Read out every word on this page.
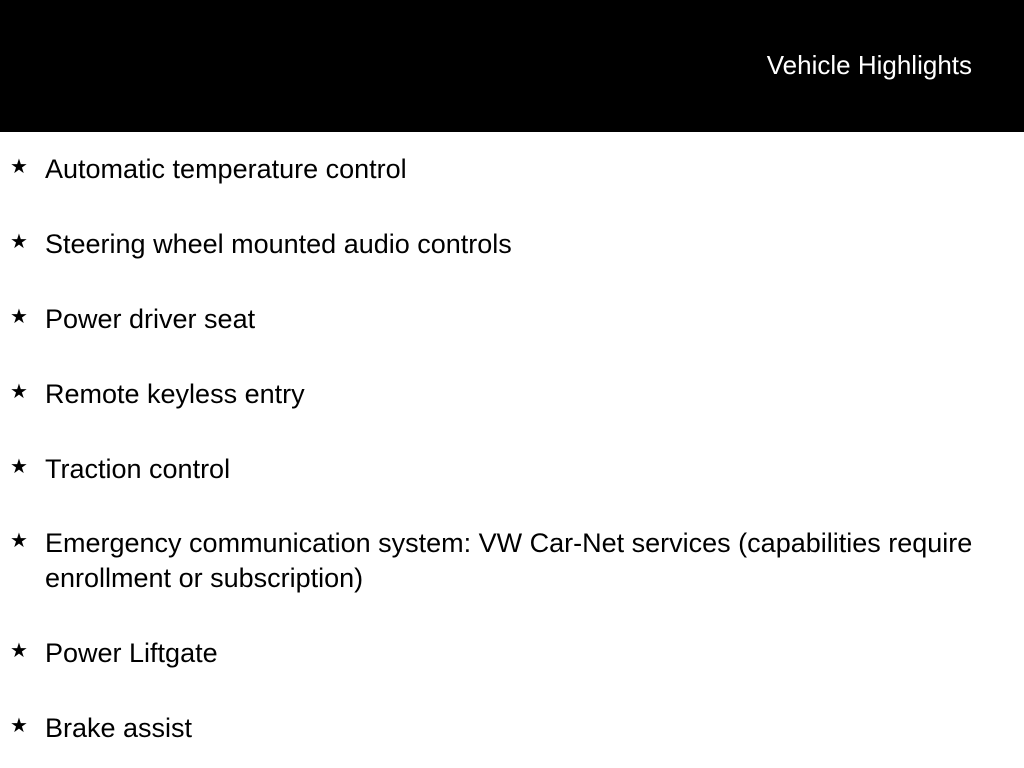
Vehicle Highlights
★ Automatic temperature control
★ Steering wheel mounted audio controls
★ Power driver seat
★ Remote keyless entry
★ Traction control
★ Emergency communication system: VW Car-Net services (capabilities require enrollment or subscription)
★ Power Liftgate
★ Brake assist
